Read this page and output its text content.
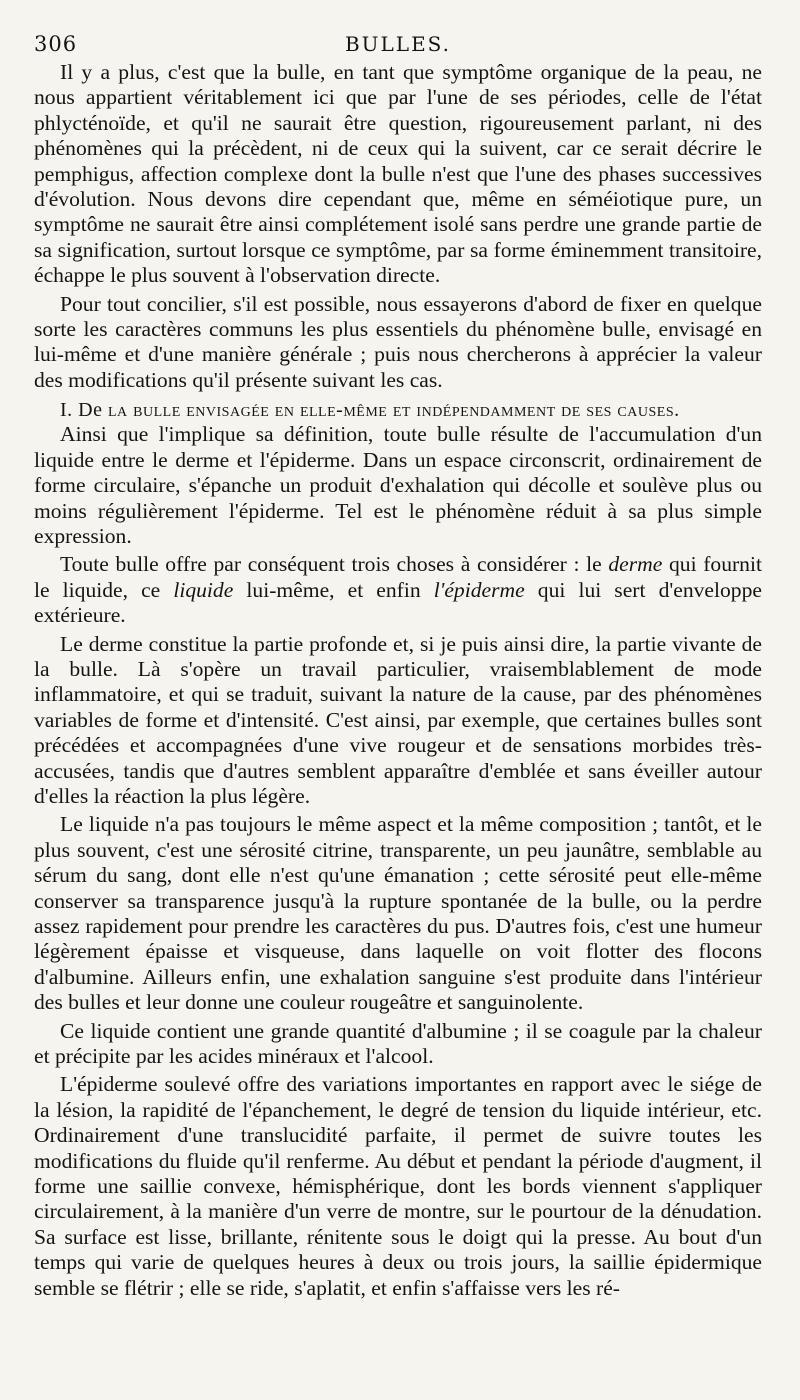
306	BULLES.

Il y a plus, c'est que la bulle, en tant que symptôme organique de la peau, ne nous appartient véritablement ici que par l'une de ses périodes, celle de l'état phlycténoïde, et qu'il ne saurait être question, rigoureusement parlant, ni des phénomènes qui la précèdent, ni de ceux qui la suivent, car ce serait décrire le pemphigus, affection complexe dont la bulle n'est que l'une des phases successives d'évolution. Nous devons dire cependant que, même en séméiotique pure, un symptôme ne saurait être ainsi complétement isolé sans perdre une grande partie de sa signification, surtout lorsque ce symptôme, par sa forme éminemment transitoire, échappe le plus souvent à l'observation directe.

Pour tout concilier, s'il est possible, nous essayerons d'abord de fixer en quelque sorte les caractères communs les plus essentiels du phénomène bulle, envisagé en lui-même et d'une manière générale ; puis nous chercherons à apprécier la valeur des modifications qu'il présente suivant les cas.

I. De la bulle envisagée en elle-même et indépendamment de ses causes.

Ainsi que l'implique sa définition, toute bulle résulte de l'accumulation d'un liquide entre le derme et l'épiderme. Dans un espace circonscrit, ordinairement de forme circulaire, s'épanche un produit d'exhalation qui décolle et soulève plus ou moins régulièrement l'épiderme. Tel est le phénomène réduit à sa plus simple expression.

Toute bulle offre par conséquent trois choses à considérer : le derme qui fournit le liquide, ce liquide lui-même, et enfin l'épiderme qui lui sert d'enveloppe extérieure.

Le derme constitue la partie profonde et, si je puis ainsi dire, la partie vivante de la bulle. Là s'opère un travail particulier, vraisemblablement de mode inflammatoire, et qui se traduit, suivant la nature de la cause, par des phénomènes variables de forme et d'intensité. C'est ainsi, par exemple, que certaines bulles sont précédées et accompagnées d'une vive rougeur et de sensations morbides très-accusées, tandis que d'autres semblent apparaître d'emblée et sans éveiller autour d'elles la réaction la plus légère.

Le liquide n'a pas toujours le même aspect et la même composition ; tantôt, et le plus souvent, c'est une sérosité citrine, transparente, un peu jaunâtre, semblable au sérum du sang, dont elle n'est qu'une émanation ; cette sérosité peut elle-même conserver sa transparence jusqu'à la rupture spontanée de la bulle, ou la perdre assez rapidement pour prendre les caractères du pus. D'autres fois, c'est une humeur légèrement épaisse et visqueuse, dans laquelle on voit flotter des flocons d'albumine. Ailleurs enfin, une exhalation sanguine s'est produite dans l'intérieur des bulles et leur donne une couleur rougeâtre et sanguinolente.

Ce liquide contient une grande quantité d'albumine ; il se coagule par la chaleur et précipite par les acides minéraux et l'alcool.

L'épiderme soulevé offre des variations importantes en rapport avec le siége de la lésion, la rapidité de l'épanchement, le degré de tension du liquide intérieur, etc. Ordinairement d'une translucidité parfaite, il permet de suivre toutes les modifications du fluide qu'il renferme. Au début et pendant la période d'augment, il forme une saillie convexe, hémisphérique, dont les bords viennent s'appliquer circulairement, à la manière d'un verre de montre, sur le pourtour de la dénudation. Sa surface est lisse, brillante, rénitente sous le doigt qui la presse. Au bout d'un temps qui varie de quelques heures à deux ou trois jours, la saillie épidermique semble se flétrir ; elle se ride, s'aplatit, et enfin s'affaisse vers les ré-
